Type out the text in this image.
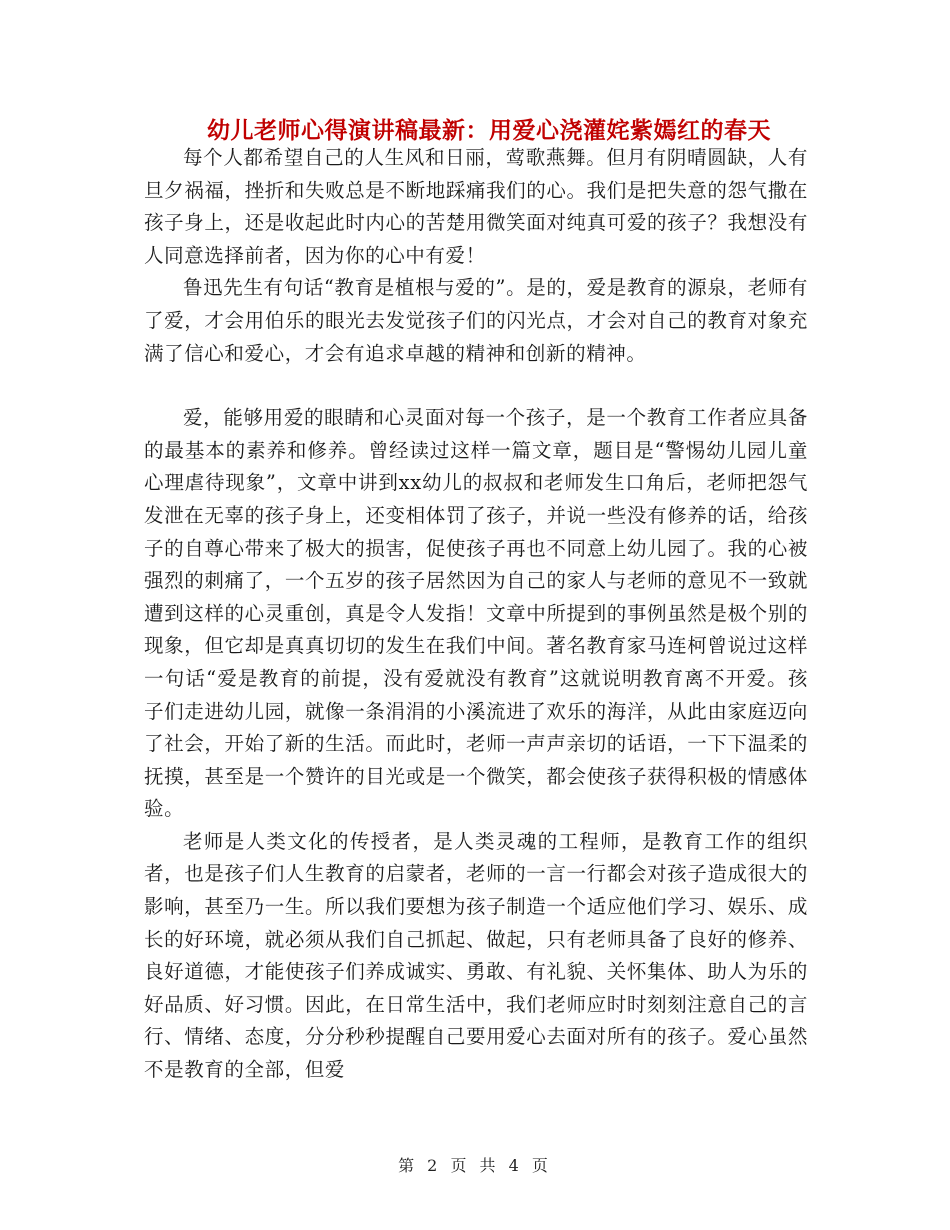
幼儿老师心得演讲稿最新：用爱心浇灌姹紫嫣红的春天

每个人都希望自己的人生风和日丽，莺歌燕舞。但月有阴晴圆缺，人有旦夕祸福，挫折和失败总是不断地踩痛我们的心。我们是把失意的怨气撒在孩子身上，还是收起此时内心的苦楚用微笑面对纯真可爱的孩子？我想没有人同意选择前者，因为你的心中有爱！

鲁迅先生有句话“教育是植根与爱的”。是的，爱是教育的源泉，老师有了爱，才会用伯乐的眼光去发觉孩子们的闪光点，才会对自己的教育对象充满了信心和爱心，才会有追求卓越的精神和创新的精神。

爱，能够用爱的眼睛和心灵面对每一个孩子，是一个教育工作者应具备的最基本的素养和修养。曾经读过这样一篇文章，题目是“警惕幼儿园儿童心理虐待现象”，文章中讲到xx幼儿的叔叔和老师发生口角后，老师把怨气发泄在无辜的孩子身上，还变相体罚了孩子，并说一些没有修养的话，给孩子的自尊心带来了极大的损害，促使孩子再也不同意上幼儿园了。我的心被强烈的刺痛了，一个五岁的孩子居然因为自己的家人与老师的意见不一致就遭到这样的心灵重创，真是令人发指！文章中所提到的事例虽然是极个别的现象，但它却是真真切切的发生在我们中间。著名教育家马连柯曾说过这样一句话“爱是教育的前提，没有爱就没有教育”这就说明教育离不开爱。孩子们走进幼儿园，就像一条涓涓的小溪流进了欢乐的海洋，从此由家庭迈向了社会，开始了新的生活。而此时，老师一声声亲切的话语，一下下温柔的抚摸，甚至是一个赞许的目光或是一个微笑，都会使孩子获得积极的情感体验。

老师是人类文化的传授者，是人类灵魂的工程师，是教育工作的组织者，也是孩子们人生教育的启蒙者，老师的一言一行都会对孩子造成很大的影响，甚至乃一生。所以我们要想为孩子制造一个适应他们学习、娱乐、成长的好环境，就必须从我们自己抓起、做起，只有老师具备了良好的修养、良好道德，才能使孩子们养成诚实、勇敢、有礼貌、关怀集体、助人为乐的好品质、好习惯。因此，在日常生活中，我们老师应时时刻刻注意自己的言行、情绪、态度，分分秒秒提醒自己要用爱心去面对所有的孩子。爱心虽然不是教育的全部，但爱

第 2 页 共 4 页
